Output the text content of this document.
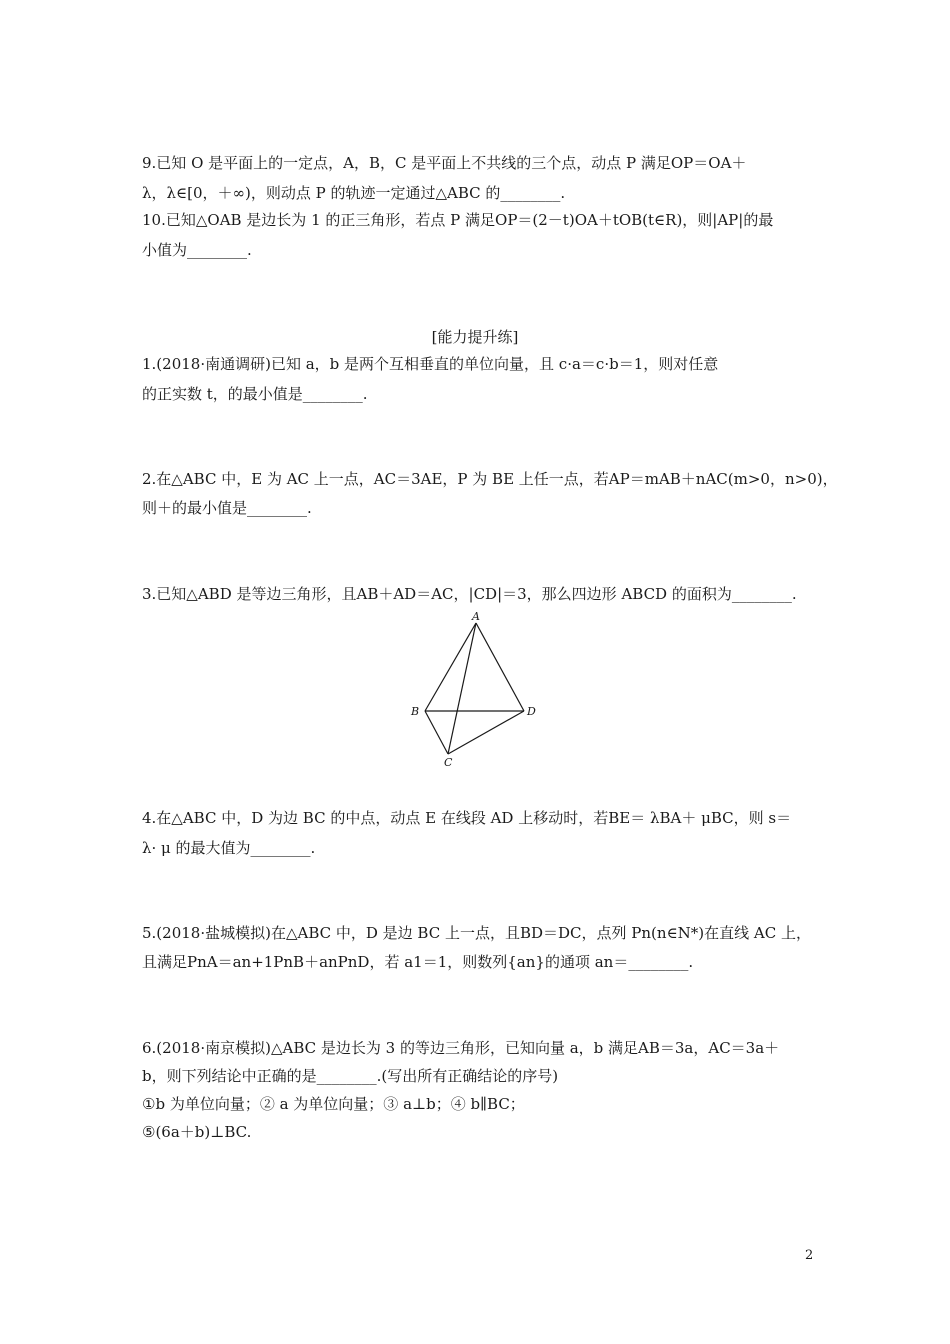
9.已知 O 是平面上的一定点，A，B，C 是平面上不共线的三个点，动点 P 满足OP＝OA＋
λ，λ∈[0，＋∞)，则动点 P 的轨迹一定通过△ABC 的________.
10.已知△OAB 是边长为 1 的正三角形，若点 P 满足OP＝(2－t)OA＋tOB(t∈R)，则|AP|的最
小值为________.
[能力提升练]
1.(2018·南通调研)已知 a，b 是两个互相垂直的单位向量，且 c·a＝c·b＝1，则对任意
的正实数 t，的最小值是________.
2.在△ABC 中，E 为 AC 上一点，AC＝3AE，P 为 BE 上任一点，若AP＝mAB＋nAC(m>0，n>0)，
则＋的最小值是________.
3.已知△ABD 是等边三角形，且AB＋AD＝AC，|CD|＝3，那么四边形 ABCD 的面积为________.
A
B
C
D
4.在△ABC 中，D 为边 BC 的中点，动点 E 在线段 AD 上移动时，若BE＝ λBA＋ μBC，则 s＝
λ· μ 的最大值为________.
5.(2018·盐城模拟)在△ABC 中，D 是边 BC 上一点，且BD＝DC，点列 Pn(n∈N*)在直线 AC 上，
且满足PnA＝an+1PnB＋anPnD，若 a1＝1，则数列{an}的通项 an＝________.
6.(2018·南京模拟)△ABC 是边长为 3 的等边三角形，已知向量 a，b 满足AB＝3a，AC＝3a＋
b，则下列结论中正确的是________.(写出所有正确结论的序号)
①b 为单位向量；② a 为单位向量；③ a⊥b；④ b∥BC；
⑤(6a＋b)⊥BC.
2
